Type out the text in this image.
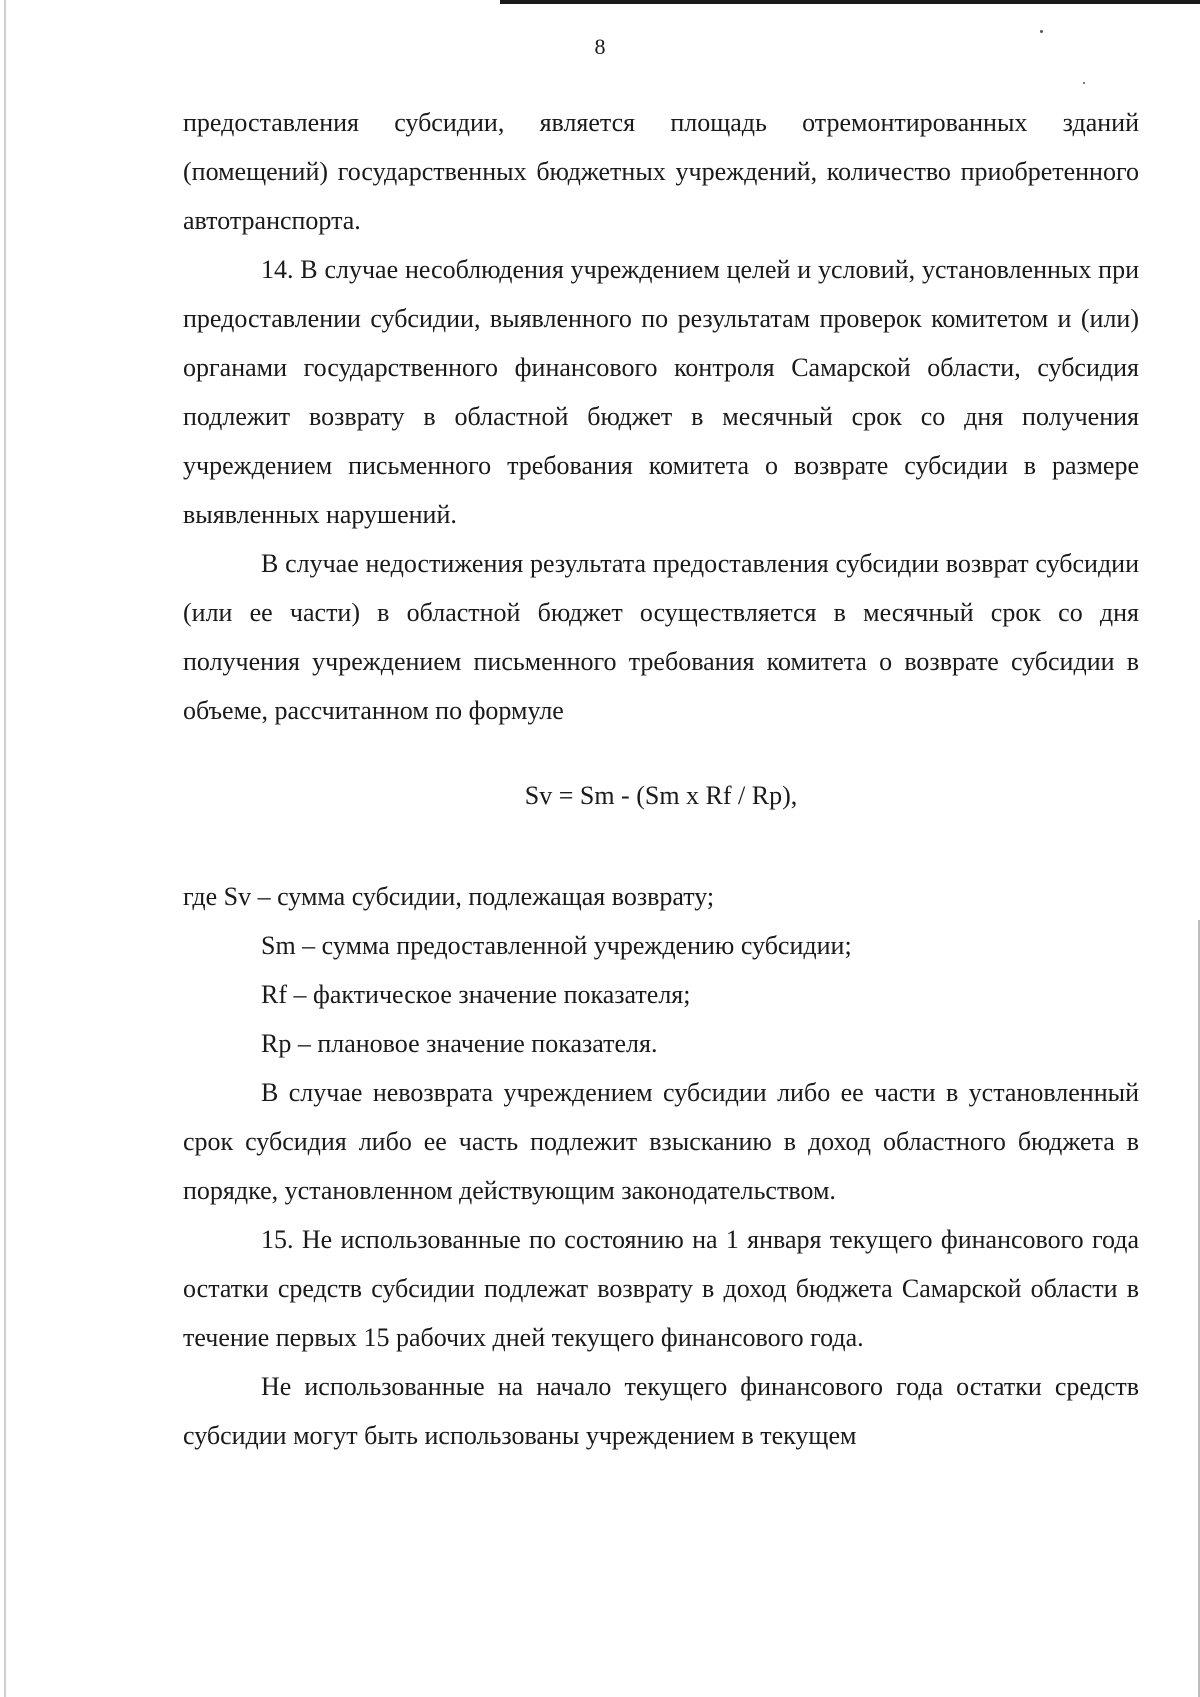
8

предоставления субсидии, является площадь отремонтированных зданий (помещений) государственных бюджетных учреждений, количество приобретенного автотранспорта.

14. В случае несоблюдения учреждением целей и условий, установленных при предоставлении субсидии, выявленного по результатам проверок комитетом и (или) органами государственного финансового контроля Самарской области, субсидия подлежит возврату в областной бюджет в месячный срок со дня получения учреждением письменного требования комитета о возврате субсидии в размере выявленных нарушений.

В случае недостижения результата предоставления субсидии возврат субсидии (или ее части) в областной бюджет осуществляется в месячный срок со дня получения учреждением письменного требования комитета о возврате субсидии в объеме, рассчитанном по формуле

Sv = Sm - (Sm x Rf / Rp),

где Sv – сумма субсидии, подлежащая возврату;

Sm – сумма предоставленной учреждению субсидии;

Rf – фактическое значение показателя;

Rp – плановое значение показателя.

В случае невозврата учреждением субсидии либо ее части в установленный срок субсидия либо ее часть подлежит взысканию в доход областного бюджета в порядке, установленном действующим законодательством.

15. Не использованные по состоянию на 1 января текущего финансового года остатки средств субсидии подлежат возврату в доход бюджета Самарской области в течение первых 15 рабочих дней текущего финансового года.

Не использованные на начало текущего финансового года остатки средств субсидии могут быть использованы учреждением в текущем
